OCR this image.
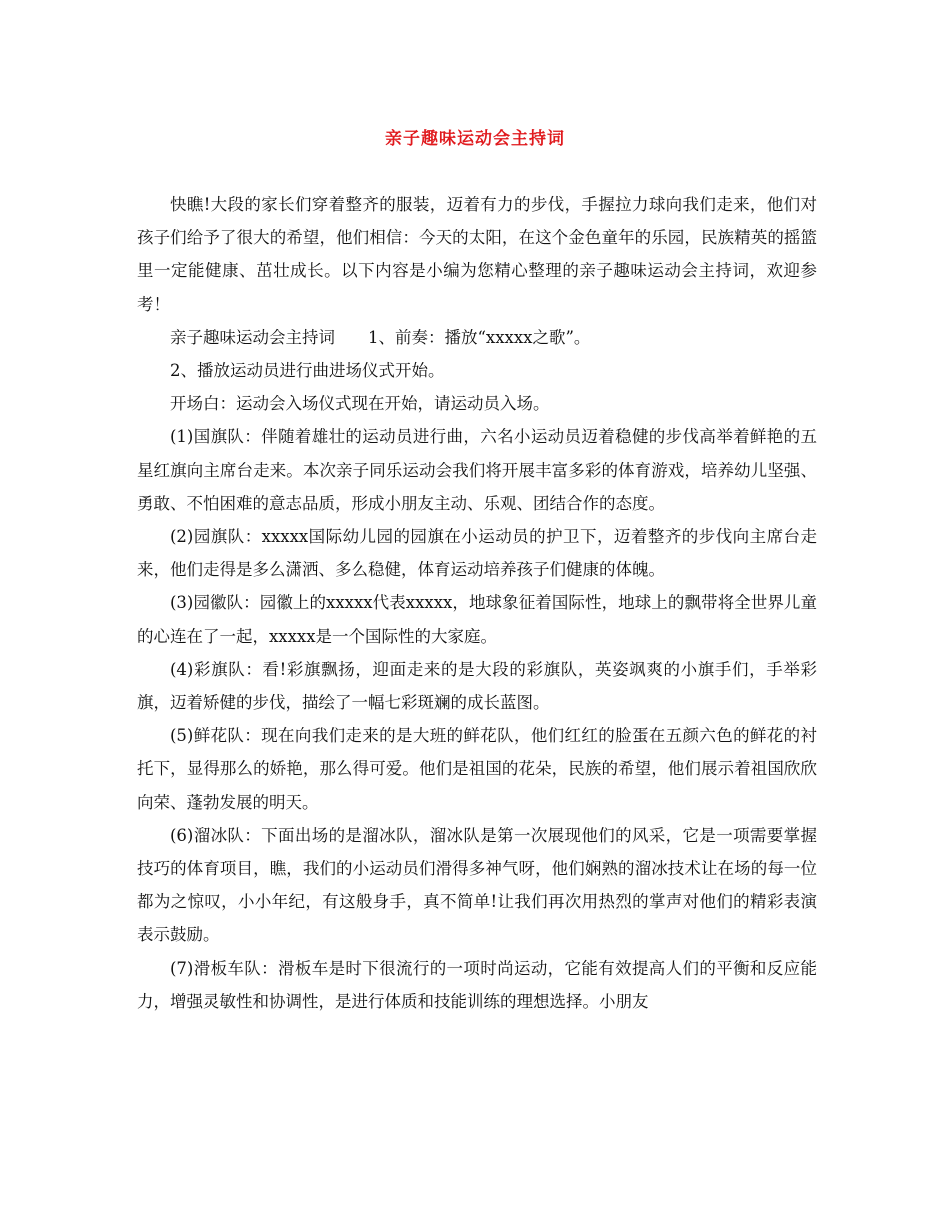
亲子趣味运动会主持词

快瞧!大段的家长们穿着整齐的服装，迈着有力的步伐，手握拉力球向我们走来，他们对孩子们给予了很大的希望，他们相信：今天的太阳，在这个金色童年的乐园，民族精英的摇篮里一定能健康、茁壮成长。以下内容是小编为您精心整理的亲子趣味运动会主持词，欢迎参考！

亲子趣味运动会主持词　　1、前奏：播放“xxxxx之歌”。

2、播放运动员进行曲进场仪式开始。

开场白：运动会入场仪式现在开始，请运动员入场。

(1)国旗队：伴随着雄壮的运动员进行曲，六名小运动员迈着稳健的步伐高举着鲜艳的五星红旗向主席台走来。本次亲子同乐运动会我们将开展丰富多彩的体育游戏，培养幼儿坚强、勇敢、不怕困难的意志品质，形成小朋友主动、乐观、团结合作的态度。

(2)园旗队：xxxxx国际幼儿园的园旗在小运动员的护卫下，迈着整齐的步伐向主席台走来，他们走得是多么潇洒、多么稳健，体育运动培养孩子们健康的体魄。

(3)园徽队：园徽上的xxxxx代表xxxxx，地球象征着国际性，地球上的飘带将全世界儿童的心连在了一起，xxxxx是一个国际性的大家庭。

(4)彩旗队：看!彩旗飘扬，迎面走来的是大段的彩旗队，英姿飒爽的小旗手们，手举彩旗，迈着矫健的步伐，描绘了一幅七彩斑斓的成长蓝图。

(5)鲜花队：现在向我们走来的是大班的鲜花队，他们红红的脸蛋在五颜六色的鲜花的衬托下，显得那么的娇艳，那么得可爱。他们是祖国的花朵，民族的希望，他们展示着祖国欣欣向荣、蓬勃发展的明天。

(6)溜冰队：下面出场的是溜冰队，溜冰队是第一次展现他们的风采，它是一项需要掌握技巧的体育项目，瞧，我们的小运动员们滑得多神气呀，他们娴熟的溜冰技术让在场的每一位都为之惊叹，小小年纪，有这般身手，真不简单!让我们再次用热烈的掌声对他们的精彩表演表示鼓励。

(7)滑板车队：滑板车是时下很流行的一项时尚运动，它能有效提高人们的平衡和反应能力，增强灵敏性和协调性，是进行体质和技能训练的理想选择。小朋友
